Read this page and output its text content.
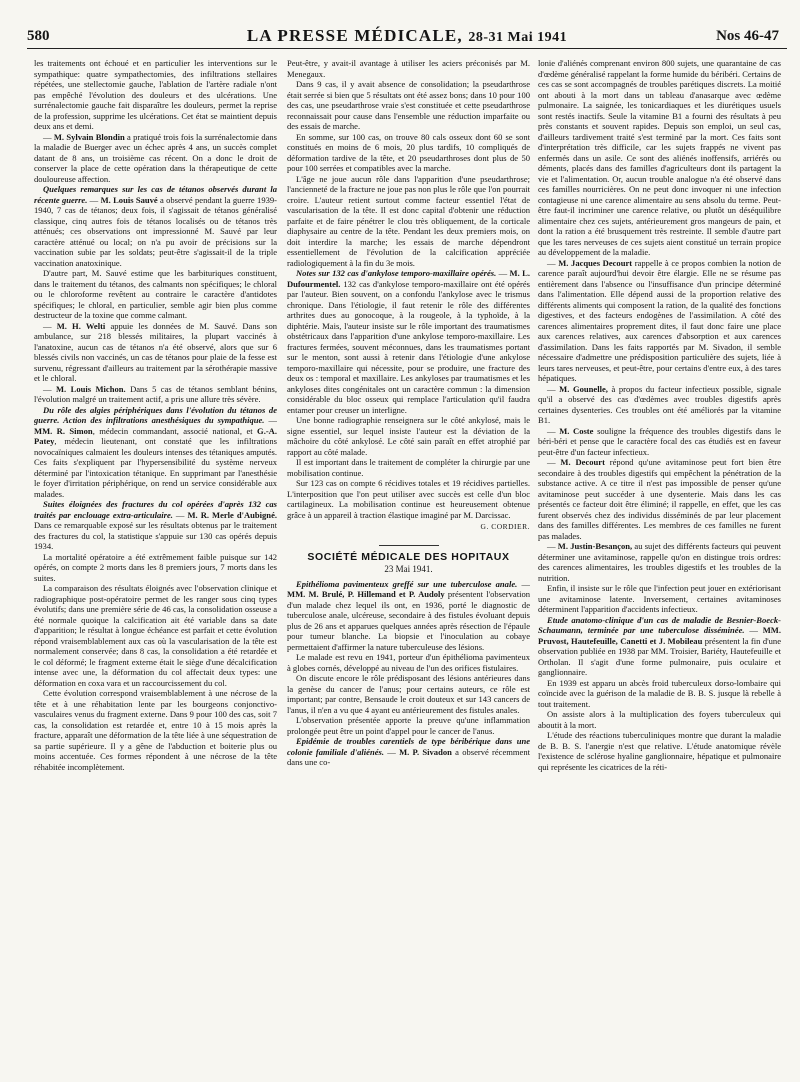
580	LA PRESSE MÉDICALE, 28-31 Mai 1941	Nos 46-47

les traitements ont échoué et en particulier les interventions sur le sympathique: quatre sympathectomies, des infiltrations stellaires répétées, une stellectomie gauche, l'ablation de l'artère radiale n'ont pas empêché l'évolution des douleurs et des ulcérations. Une surrénalectomie gauche fait disparaître les douleurs, permet la reprise de la profession, supprime les ulcérations. Cet état se maintient depuis deux ans et demi.

— M. Sylvain Blondin a pratiqué trois fois la surrénalectomie dans la maladie de Buerger avec un échec après 4 ans, un succès complet datant de 8 ans, un troisième cas récent. On a donc le droit de conserver la place de cette opération dans la thérapeutique de cette douloureuse affection.

Quelques remarques sur les cas de tétanos observés durant la récente guerre. — M. Louis Sauvé a observé pendant la guerre 1939-1940, 7 cas de tétanos; deux fois, il s'agissait de tétanos généralisé classique, cinq autres fois de tétanos localisés ou de tétanos très atténués; ces observations ont impressionné M. Sauvé par leur caractère atténué ou local; on n'a pu avoir de précisions sur la vaccination subie par les soldats; peut-être s'agissait-il de la triple vaccination anatoxinique.

D'autre part, M. Sauvé estime que les barbituriques constituent, dans le traitement du tétanos, des calmants non spécifiques; le chloral ou le chloroforme revêtent au contraire le caractère d'antidotes spécifiques; le chloral, en particulier, semble agir bien plus comme destructeur de la toxine que comme calmant.

— M. H. Welti appuie les données de M. Sauvé. Dans son ambulance, sur 218 blessés militaires, la plupart vaccinés à l'anatoxine, aucun cas de tétanos n'a été observé, alors que sur 6 blessés civils non vaccinés, un cas de tétanos pour plaie de la fesse est survenu, régressant d'ailleurs au traitement par la sérothérapie massive et le chloral.

— M. Louis Michon. Dans 5 cas de tétanos semblant bénins, l'évolution malgré un traitement actif, a pris une allure très sévère.

Du rôle des algies périphériques dans l'évolution du tétanos de guerre. Action des infiltrations anesthésiques du sympathique. — MM. R. Simon, médecin commandant, associé national, et G.-A. Patey, médecin lieutenant, ont constaté que les infiltrations novocaïniques calmaient les douleurs intenses des tétaniques amputés. Ces faits s'expliquent par l'hypersensibilité du système nerveux déterminé par l'intoxication tétanique. En supprimant par l'anesthésie le foyer d'irritation périphérique, on rend un service considérable aux malades.

Suites éloignées des fractures du col opérées d'après 132 cas traités par enclouage extra-articulaire. — M. R. Merle d'Aubigné. Dans ce remarquable exposé sur les résultats obtenus par le traitement des fractures du col, la statistique s'appuie sur 130 cas opérés depuis 1934.

La mortalité opératoire a été extrêmement faible puisque sur 142 opérés, on compte 2 morts dans les 8 premiers jours, 7 morts dans les suites.

La comparaison des résultats éloignés avec l'observation clinique et radiographique post-opératoire permet de les ranger sous cinq types évolutifs; dans une première série de 46 cas, la consolidation osseuse a été normale quoique la calcification ait été variable dans sa date d'apparition; le résultat à longue échéance est parfait et cette évolution répond vraisemblablement aux cas où la vascularisation de la tête est normalement conservée; dans 8 cas, la consolidation a été retardée et le col déformé; le fragment externe était le siège d'une décalcification intense avec une, la déformation du col affectait deux types: une déformation en coxa vara et un raccourcissement du col.

Cette évolution correspond vraisemblablement à une nécrose de la tête et à une réhabitation lente par les bourgeons conjonctivo-vasculaires venus du fragment externe. Dans 9 pour 100 des cas, soit 7 cas, la consolidation est retardée et, entre 10 à 15 mois après la fracture, apparaît une déformation de la tête liée à une séquestration de sa partie supérieure. Il y a gêne de l'abduction et boiterie plus ou moins accentuée. Ces formes répondent à une nécrose de la tête réhabitée incomplètement.

Peut-être, y avait-il avantage à utiliser les aciers préconisés par M. Menegaux.

Dans 9 cas, il y avait absence de consolidation; la pseudarthrose était serrée si bien que 5 résultats ont été assez bons; dans 10 pour 100 des cas, une pseudarthrose vraie s'est constituée et cette pseudarthrose reconnaissait pour cause dans l'ensemble une réduction imparfaite ou des essais de marche.

En somme, sur 100 cas, on trouve 80 cals osseux dont 60 se sont constitués en moins de 6 mois, 20 plus tardifs, 10 compliqués de déformation tardive de la tête, et 20 pseudarthroses dont plus de 50 pour 100 serrées et compatibles avec la marche.

L'âge ne joue aucun rôle dans l'apparition d'une pseudarthrose; l'ancienneté de la fracture ne joue pas non plus le rôle que l'on pourrait croire. L'auteur retient surtout comme facteur essentiel l'état de vascularisation de la tête. Il est donc capital d'obtenir une réduction parfaite et de faire pénétrer le clou très obliquement, de la corticale diaphysaire au centre de la tête. Pendant les deux premiers mois, on doit interdire la marche; les essais de marche dépendront essentiellement de l'évolution de la calcification appréciée radiologiquement à la fin du 3e mois.

Notes sur 132 cas d'ankylose temporo-maxillaire opérés. — M. L. Dufourmentel. 132 cas d'ankylose temporo-maxillaire ont été opérés par l'auteur. Bien souvent, on a confondu l'ankylose avec le trismus chronique. Dans l'étiologie, il faut retenir le rôle des différentes arthrites dues au gonocoque, à la rougeole, à la typhoïde, à la diphtérie. Mais, l'auteur insiste sur le rôle important des traumatismes obstétricaux dans l'apparition d'une ankylose temporo-maxillaire. Les fractures fermées, souvent méconnues, dans les traumatismes portant sur le menton, sont aussi à retenir dans l'étiologie d'une ankylose temporo-maxillaire qui nécessite, pour se produire, une fracture des deux os : temporal et maxillaire. Les ankyloses par traumatismes et les ankyloses dites congénitales ont un caractère commun : la dimension considérable du bloc osseux qui remplace l'articulation qu'il faudra entamer pour creuser un interligne.

Une bonne radiographie renseignera sur le côté ankylosé, mais le signe essentiel, sur lequel insiste l'auteur est la déviation de la mâchoire du côté ankylosé. Le côté sain paraît en effet atrophié par rapport au côté malade.

Il est important dans le traitement de compléter la chirurgie par une mobilisation continue.

Sur 123 cas on compte 6 récidives totales et 19 récidives partielles. L'interposition que l'on peut utiliser avec succès est celle d'un bloc cartilagineux. La mobilisation continue est heureusement obtenue grâce à un appareil à traction élastique imaginé par M. Darcissac.

G. CORDIER.
SOCIÉTÉ MÉDICALE DES HOPITAUX
23 Mai 1941.

Epithélioma pavimenteux greffé sur une tuberculose anale. — MM. M. Brulé, P. Hillemand et P. Audoly présentent l'observation d'un malade chez lequel ils ont, en 1936, porté le diagnostic de tuberculose anale, ulcéreuse, secondaire à des fistules évoluant depuis plus de 26 ans et apparues quelques années après résection de l'épaule pour tumeur blanche. La biopsie et l'inoculation au cobaye permettaient d'affirmer la nature tuberculeuse des lésions.

Le malade est revu en 1941, porteur d'un épithélioma pavimenteux à globes cornés, développé au niveau de l'un des orifices fistulaires.

On discute encore le rôle prédisposant des lésions antérieures dans la genèse du cancer de l'anus; pour certains auteurs, ce rôle est important; par contre, Bensaude le croit douteux et sur 143 cancers de l'anus, il n'en a vu que 4 ayant eu antérieurement des fistules anales.

L'observation présentée apporte la preuve qu'une inflammation prolongée peut être un point d'appel pour le cancer de l'anus.

Epidémie de troubles carentiels de type béribérique dans une colonie familiale d'aliénés. — M. P. Sivadon a observé récemment dans une co-

lonie d'aliénés comprenant environ 800 sujets, une quarantaine de cas d'œdème généralisé rappelant la forme humide du béribéri. Certains de ces cas se sont accompagnés de troubles parétiques discrets. La moitié ont abouti à la mort dans un tableau d'anasarque avec œdème pulmonaire. La saignée, les tonicardiaques et les diurétiques usuels sont restés inactifs. Seule la vitamine B1 a fourni des résultats à peu près constants et souvent rapides. Depuis son emploi, un seul cas, d'ailleurs tardivement traité s'est terminé par la mort. Ces faits sont d'interprétation très difficile, car les sujets frappés ne vivent pas enfermés dans un asile. Ce sont des aliénés inoffensifs, arriérés ou déments, placés dans des familles d'agriculteurs dont ils partagent la vie et l'alimentation. Or, aucun trouble analogue n'a été observé dans ces familles nourricières. On ne peut donc invoquer ni une infection contagieuse ni une carence alimentaire au sens absolu du terme. Peut-être faut-il incriminer une carence relative, ou plutôt un déséquilibre alimentaire chez ces sujets, antérieurement gros mangeurs de pain, et dont la ration a été brusquement très restreinte. Il semble d'autre part que les tares nerveuses de ces sujets aient constitué un terrain propice au développement de la maladie.

— M. Jacques Decourt rappelle à ce propos combien la notion de carence paraît aujourd'hui devoir être élargie. Elle ne se résume pas entièrement dans l'absence ou l'insuffisance d'un principe déterminé dans l'alimentation. Elle dépend aussi de la proportion relative des différents aliments qui composent la ration, de la qualité des fonctions digestives, et des facteurs endogènes de l'assimilation. A côté des carences alimentaires proprement dites, il faut donc faire une place aux carences relatives, aux carences d'absorption et aux carences d'assimilation. Dans les faits rapportés par M. Sivadon, il semble nécessaire d'admettre une prédisposition particulière des sujets, liée à leurs tares nerveuses, et peut-être, pour certains d'entre eux, à des tares hépatiques.

— M. Gounelle, à propos du facteur infectieux possible, signale qu'il a observé des cas d'œdèmes avec troubles digestifs après certaines dysenteries. Ces troubles ont été améliorés par la vitamine B1.

— M. Coste souligne la fréquence des troubles digestifs dans le béri-béri et pense que le caractère focal des cas étudiés est en faveur peut-être d'un facteur infectieux.

— M. Decourt répond qu'une avitaminose peut fort bien être secondaire à des troubles digestifs qui empêchent la pénétration de la substance active. A ce titre il n'est pas impossible de penser qu'une avitaminose peut succéder à une dysenterie. Mais dans les cas présentés ce facteur doit être éliminé; il rappelle, en effet, que les cas furent observés chez des individus disséminés de par leur placement dans des familles différentes. Les membres de ces familles ne furent pas malades.

— M. Justin-Besançon, au sujet des différents facteurs qui peuvent déterminer une avitaminose, rappelle qu'on en distingue trois ordres: des carences alimentaires, les troubles digestifs et les troubles de la nutrition.

Enfin, il insiste sur le rôle que l'infection peut jouer en extériorisant une avitaminose latente. Inversement, certaines avitaminoses déterminent l'apparition d'accidents infectieux.

Etude anatomo-clinique d'un cas de maladie de Besnier-Boeck-Schaumann, terminée par une tuberculose disséminée. — MM. Pruvost, Hautefeuille, Canetti et J. Mobileau présentent la fin d'une observation publiée en 1938 par MM. Troisier, Bariéty, Hautefeuille et Ortholan. Il s'agit d'une forme pulmonaire, puis oculaire et ganglionnaire.

En 1939 est apparu un abcès froid tuberculeux dorso-lombaire qui coïncide avec la guérison de la maladie de B. B. S. jusque là rebelle à tout traitement.

On assiste alors à la multiplication des foyers tuberculeux qui aboutit à la mort.

L'étude des réactions tuberculiniques montre que durant la maladie de B. B. S. l'anergie n'est que relative. L'étude anatomique révèle l'existence de sclérose hyaline ganglionnaire, hépatique et pulmonaire qui représente les cicatrices de la réti-
